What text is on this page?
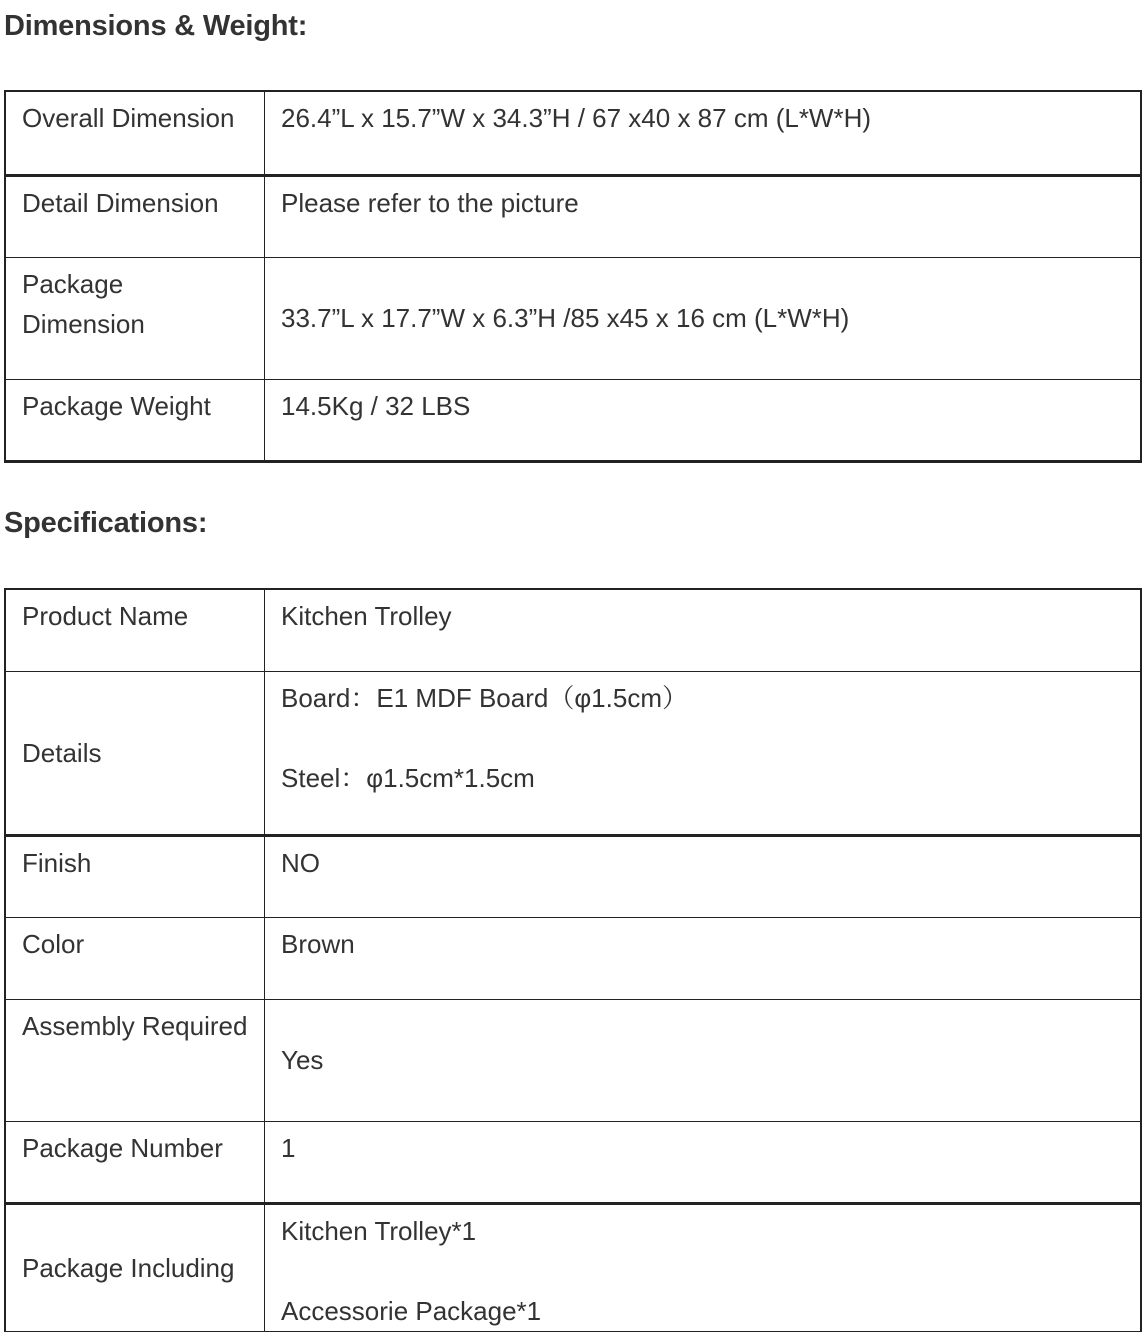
Dimensions & Weight:
Overall Dimension	26.4”L x 15.7”W x 34.3”H / 67 x40 x 87 cm (L*W*H)
Detail Dimension	Please refer to the picture
Package Dimension	33.7”L x 17.7”W x 6.3”H /85 x45 x 16 cm (L*W*H)
Package Weight	14.5Kg / 32 LBS
Specifications:
Product Name	Kitchen Trolley
Details	Board：E1 MDF Board（φ1.5cm）

Steel：φ1.5cm*1.5cm

Finish	NO
Color	Brown
Assembly Required	Yes
Package Number	1
Package Including	Kitchen Trolley*1

Accessorie Package*1
